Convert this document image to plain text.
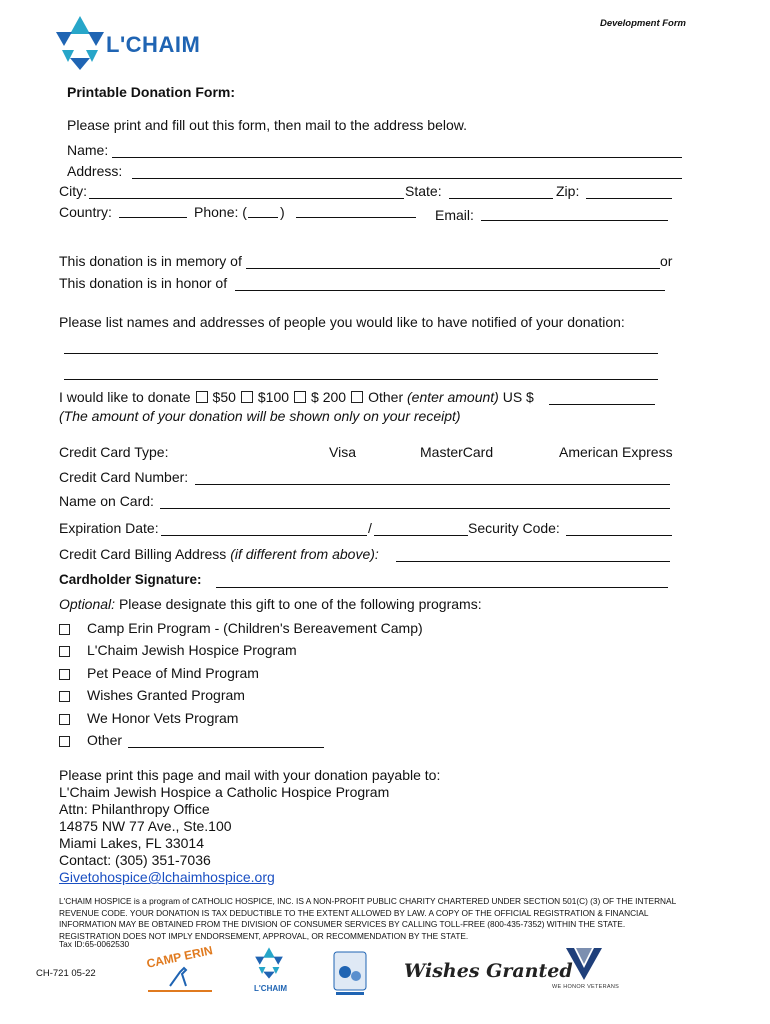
L'CHAIM
Development Form
Printable Donation Form:
Please print and fill out this form, then mail to the address below.
Name:
Address:
City:	State:	Zip:
Country:	Phone: ( )	Email:
This donation is in memory of	or
This donation is in honor of
Please list names and addresses of people you would like to have notified of your donation:
I would like to donate $50 $100 $ 200 Other (enter amount) US $
(The amount of your donation will be shown only on your receipt)
Credit Card Type:	Visa	MasterCard	American Express
Credit Card Number:
Name on Card:
Expiration Date:	/	Security Code:
Credit Card Billing Address (if different from above):
Cardholder Signature:
Optional: Please designate this gift to one of the following programs:
Camp Erin Program - (Children's Bereavement Camp)
L'Chaim Jewish Hospice Program
Pet Peace of Mind Program
Wishes Granted Program
We Honor Vets Program
Other
Please print this page and mail with your donation payable to:
L'Chaim Jewish Hospice a Catholic Hospice Program
Attn: Philanthropy Office
14875 NW 77 Ave., Ste.100
Miami Lakes, FL 33014
Contact: (305) 351-7036
Givetohospice@lchaimhospice.org
L'CHAIM HOSPICE is a program of CATHOLIC HOSPICE, INC. IS A NON-PROFIT PUBLIC CHARITY CHARTERED UNDER SECTION 501(C) (3) OF THE INTERNAL REVENUE CODE. YOUR DONATION IS TAX DEDUCTIBLE TO THE EXTENT ALLOWED BY LAW. A COPY OF THE OFFICIAL REGISTRATION & FINANCIAL INFORMATION MAY BE OBTAINED FROM THE DIVISION OF CONSUMER SERVICES BY CALLING TOLL-FREE (800-435-7352) WITHIN THE STATE. REGISTRATION DOES NOT IMPLY ENDORSEMENT, APPROVAL, OR RECOMMENDATION BY THE STATE.
Tax ID:65-0062530
CH-721 05-22
CAMP ERIN
L'CHAIM
Wishes Granted
WE HONOR VETERANS
